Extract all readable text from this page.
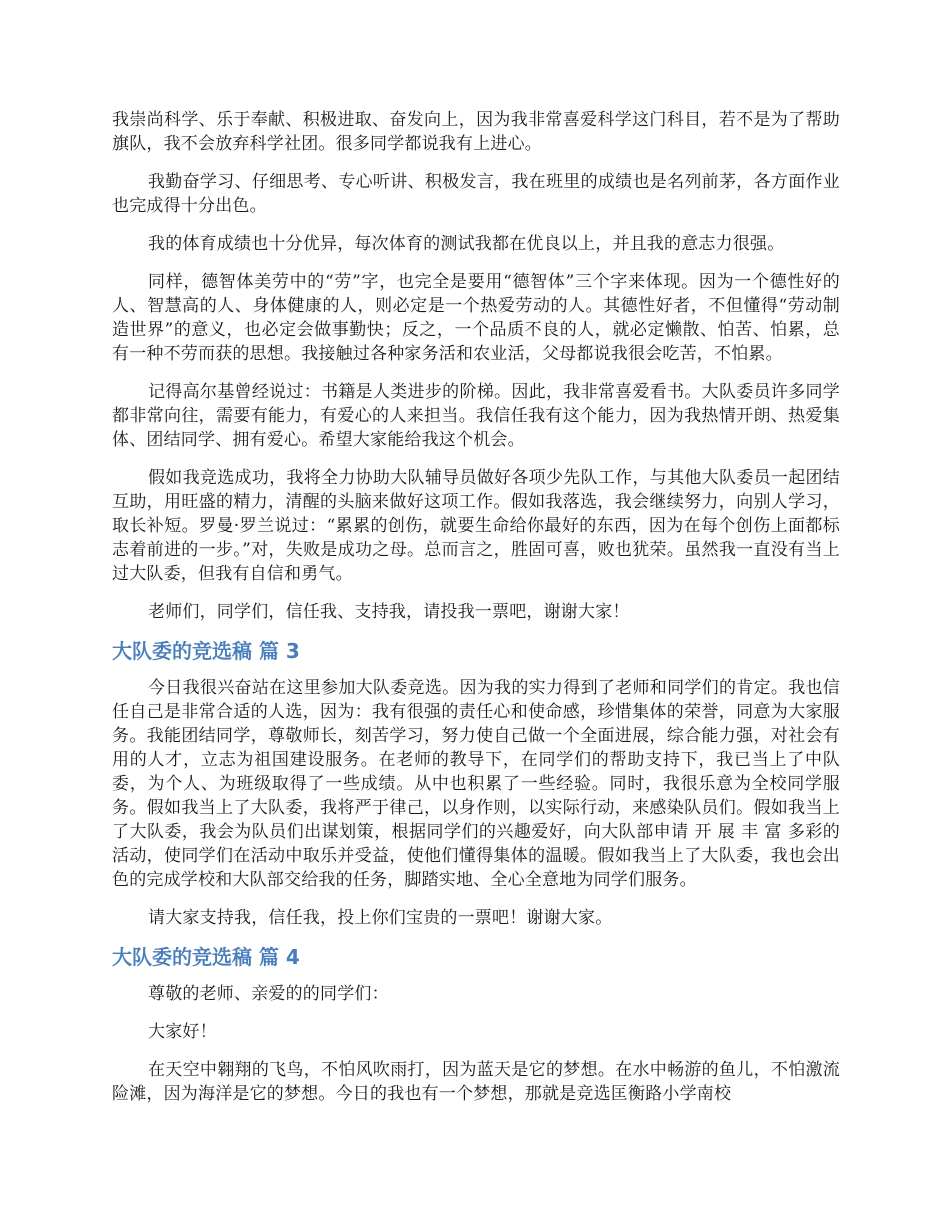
我崇尚科学、乐于奉献、积极进取、奋发向上，因为我非常喜爱科学这门科目，若不是为了帮助旗队，我不会放弃科学社团。很多同学都说我有上进心。

我勤奋学习、仔细思考、专心听讲、积极发言，我在班里的成绩也是名列前茅，各方面作业也完成得十分出色。

我的体育成绩也十分优异，每次体育的测试我都在优良以上，并且我的意志力很强。

同样，德智体美劳中的“劳”字，也完全是要用“德智体”三个字来体现。因为一个德性好的人、智慧高的人、身体健康的人，则必定是一个热爱劳动的人。其德性好者，不但懂得“劳动制造世界”的意义，也必定会做事勤快；反之，一个品质不良的人，就必定懒散、怕苦、怕累，总有一种不劳而获的思想。我接触过各种家务活和农业活，父母都说我很会吃苦，不怕累。

记得高尔基曾经说过：书籍是人类进步的阶梯。因此，我非常喜爱看书。大队委员许多同学都非常向往，需要有能力，有爱心的人来担当。我信任我有这个能力，因为我热情开朗、热爱集体、团结同学、拥有爱心。希望大家能给我这个机会。

假如我竞选成功，我将全力协助大队辅导员做好各项少先队工作，与其他大队委员一起团结互助，用旺盛的精力，清醒的头脑来做好这项工作。假如我落选，我会继续努力，向别人学习，取长补短。罗曼·罗兰说过：“累累的创伤，就要生命给你最好的东西，因为在每个创伤上面都标志着前进的一步。”对，失败是成功之母。总而言之，胜固可喜，败也犹荣。虽然我一直没有当上过大队委，但我有自信和勇气。

老师们，同学们，信任我、支持我，请投我一票吧，谢谢大家！

大队委的竞选稿 篇 3

今日我很兴奋站在这里参加大队委竞选。因为我的实力得到了老师和同学们的肯定。我也信任自己是非常合适的人选，因为：我有很强的责任心和使命感，珍惜集体的荣誉，同意为大家服务。我能团结同学，尊敬师长，刻苦学习，努力使自己做一个全面进展，综合能力强，对社会有用的人才，立志为祖国建设服务。在老师的教导下，在同学们的帮助支持下，我已当上了中队委，为个人、为班级取得了一些成绩。从中也积累了一些经验。同时，我很乐意为全校同学服务。假如我当上了大队委，我将严于律己，以身作则，以实际行动，来感染队员们。假如我当上了大队委，我会为队员们出谋划策，根据同学们的兴趣爱好，向大队部申请 开 展 丰 富 多彩的活动，使同学们在活动中取乐并受益，使他们懂得集体的温暖。假如我当上了大队委，我也会出色的完成学校和大队部交给我的任务，脚踏实地、全心全意地为同学们服务。

请大家支持我，信任我，投上你们宝贵的一票吧！谢谢大家。

大队委的竞选稿 篇 4

尊敬的老师、亲爱的的同学们：

大家好！

在天空中翱翔的飞鸟，不怕风吹雨打，因为蓝天是它的梦想。在水中畅游的鱼儿，不怕激流险滩，因为海洋是它的梦想。今日的我也有一个梦想，那就是竞选匡衡路小学南校
